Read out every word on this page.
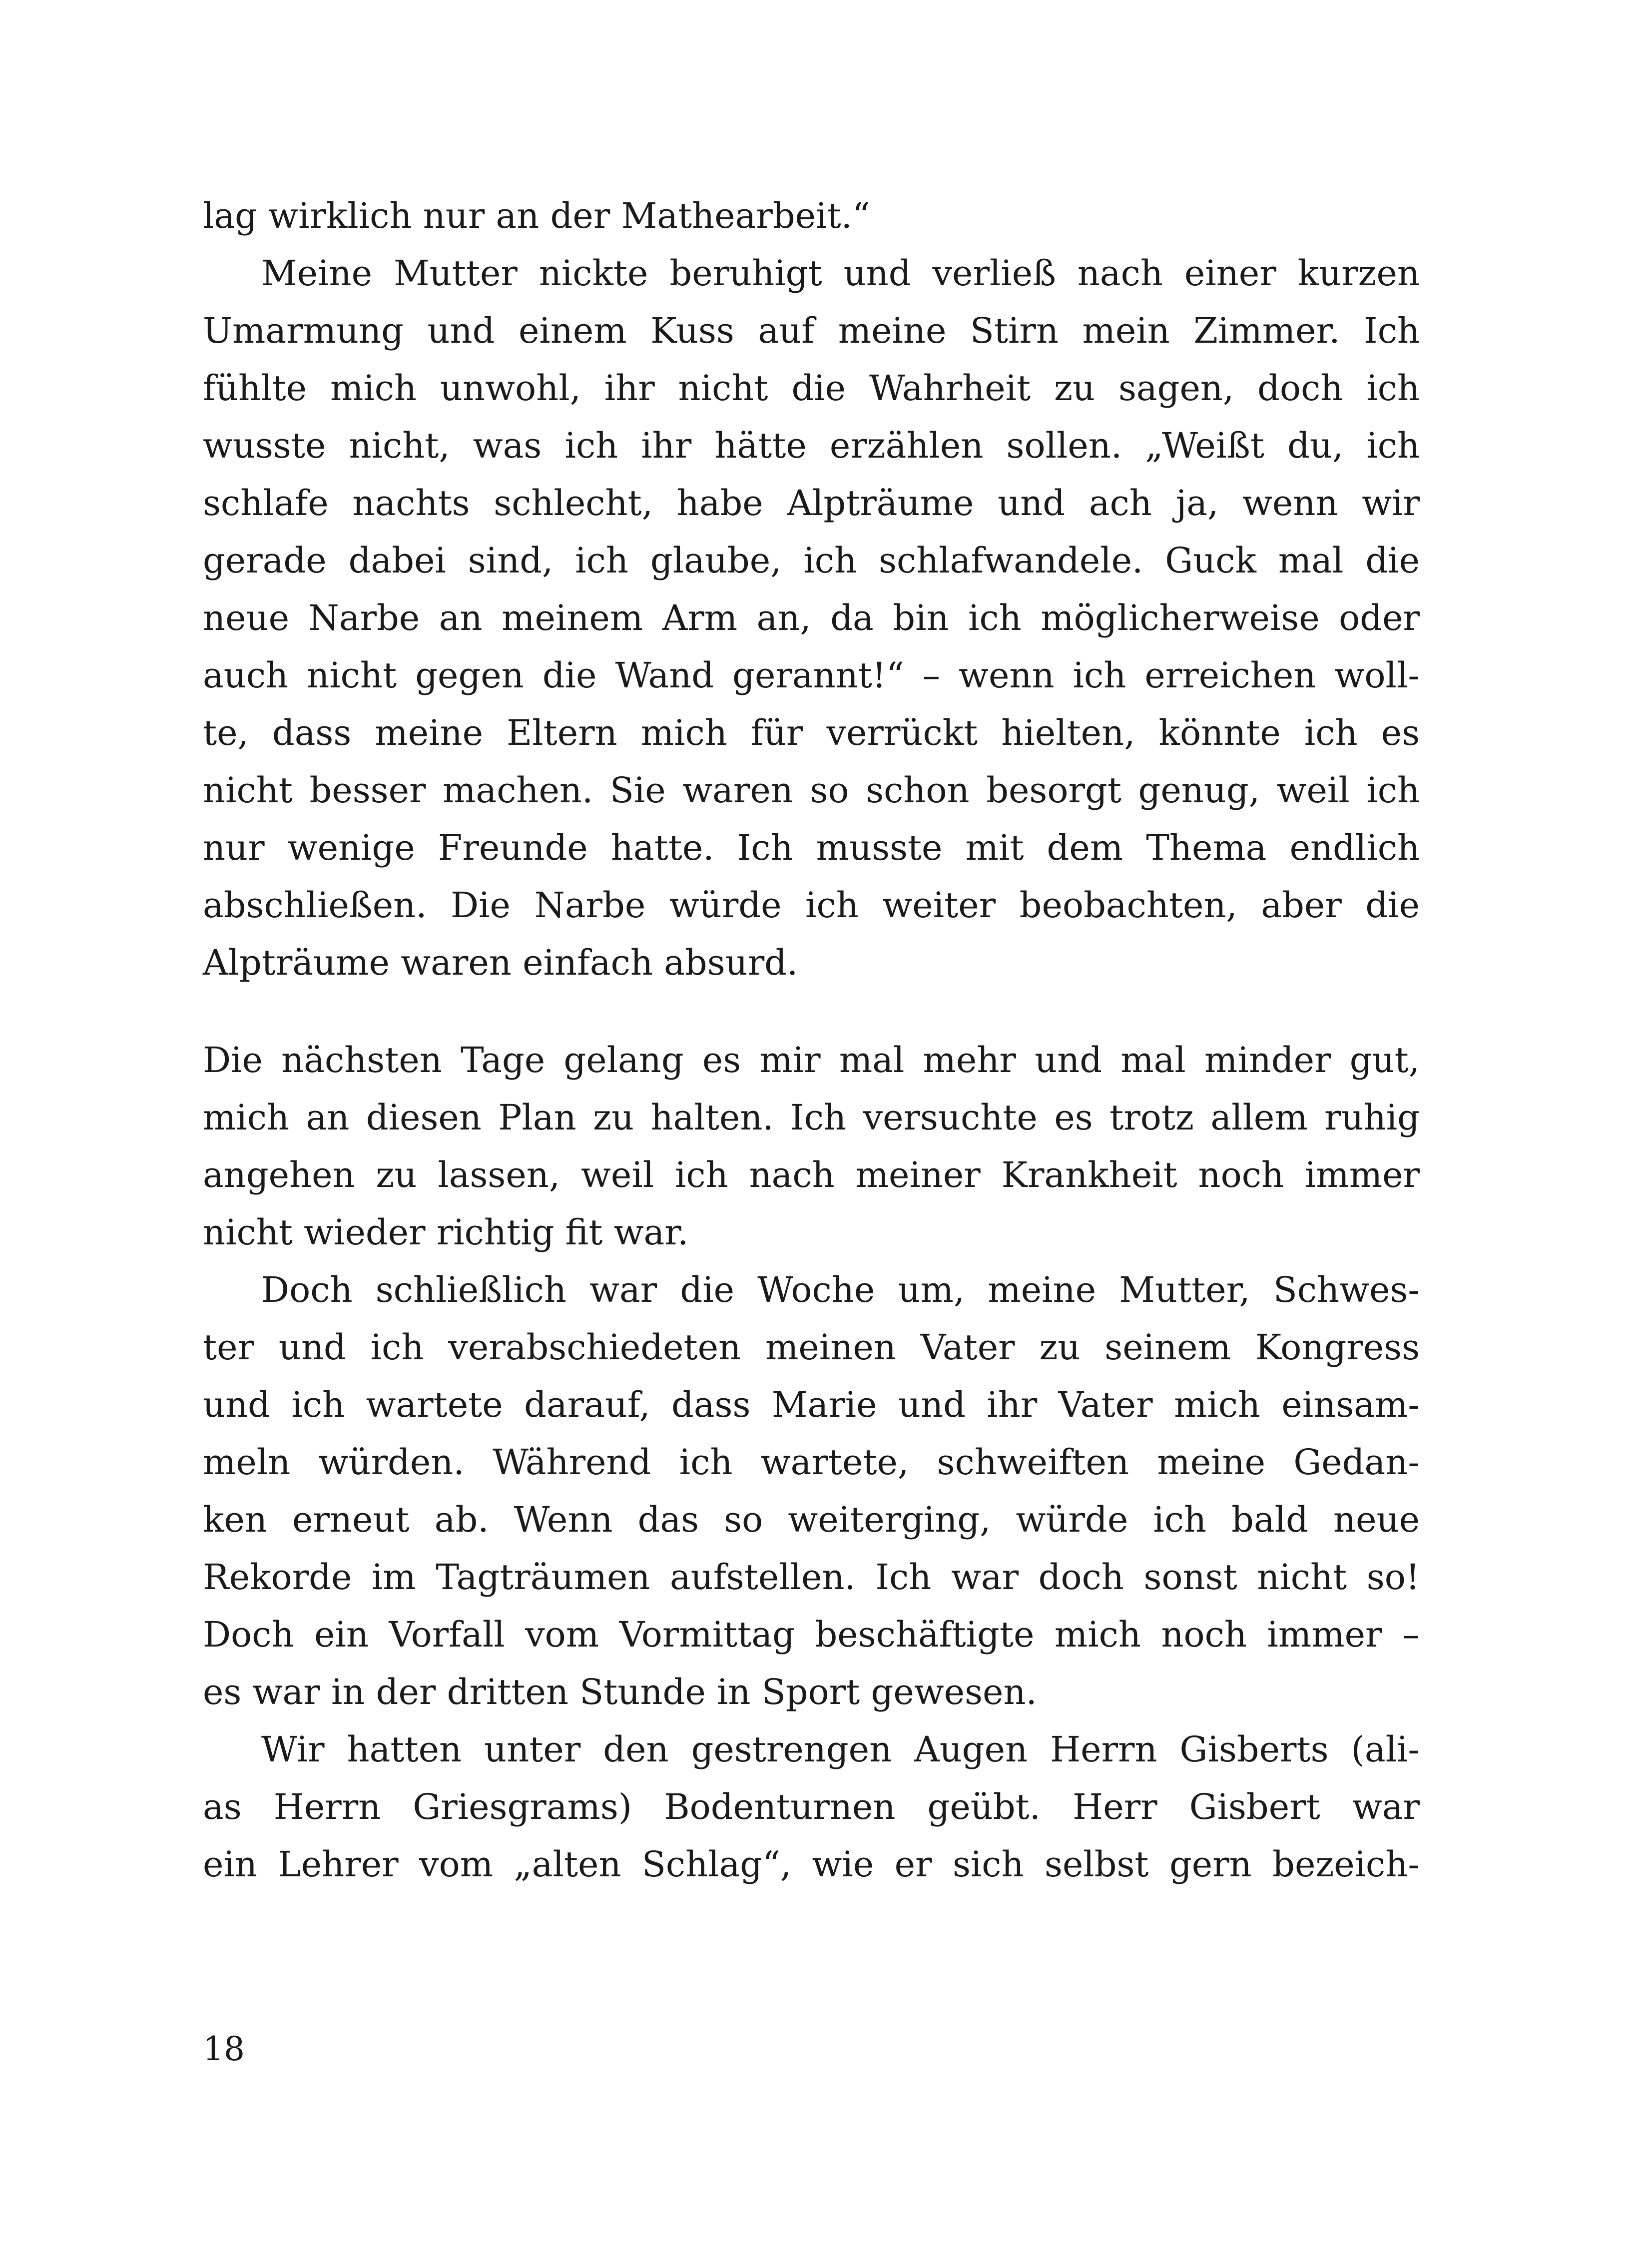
lag wirklich nur an der Mathearbeit.“
Meine Mutter nickte beruhigt und verließ nach einer kurzen
Umarmung und einem Kuss auf meine Stirn mein Zimmer. Ich
fühlte mich unwohl, ihr nicht die Wahrheit zu sagen, doch ich
wusste nicht, was ich ihr hätte erzählen sollen. „Weißt du, ich
schlafe nachts schlecht, habe Alpträume und ach ja, wenn wir
gerade dabei sind, ich glaube, ich schlafwandele. Guck mal die
neue Narbe an meinem Arm an, da bin ich möglicherweise oder
auch nicht gegen die Wand gerannt!“ – wenn ich erreichen woll-
te, dass meine Eltern mich für verrückt hielten, könnte ich es
nicht besser machen. Sie waren so schon besorgt genug, weil ich
nur wenige Freunde hatte. Ich musste mit dem Thema endlich
abschließen. Die Narbe würde ich weiter beobachten, aber die
Alpträume waren einfach absurd.
Die nächsten Tage gelang es mir mal mehr und mal minder gut,
mich an diesen Plan zu halten. Ich versuchte es trotz allem ruhig
angehen zu lassen, weil ich nach meiner Krankheit noch immer
nicht wieder richtig fit war.
Doch schließlich war die Woche um, meine Mutter, Schwes-
ter und ich verabschiedeten meinen Vater zu seinem Kongress
und ich wartete darauf, dass Marie und ihr Vater mich einsam-
meln würden. Während ich wartete, schweiften meine Gedan-
ken erneut ab. Wenn das so weiterging, würde ich bald neue
Rekorde im Tagträumen aufstellen. Ich war doch sonst nicht so!
Doch ein Vorfall vom Vormittag beschäftigte mich noch immer –
es war in der dritten Stunde in Sport gewesen.
Wir hatten unter den gestrengen Augen Herrn Gisberts (ali-
as Herrn Griesgrams) Bodenturnen geübt. Herr Gisbert war
ein Lehrer vom „alten Schlag“, wie er sich selbst gern bezeich-
18
